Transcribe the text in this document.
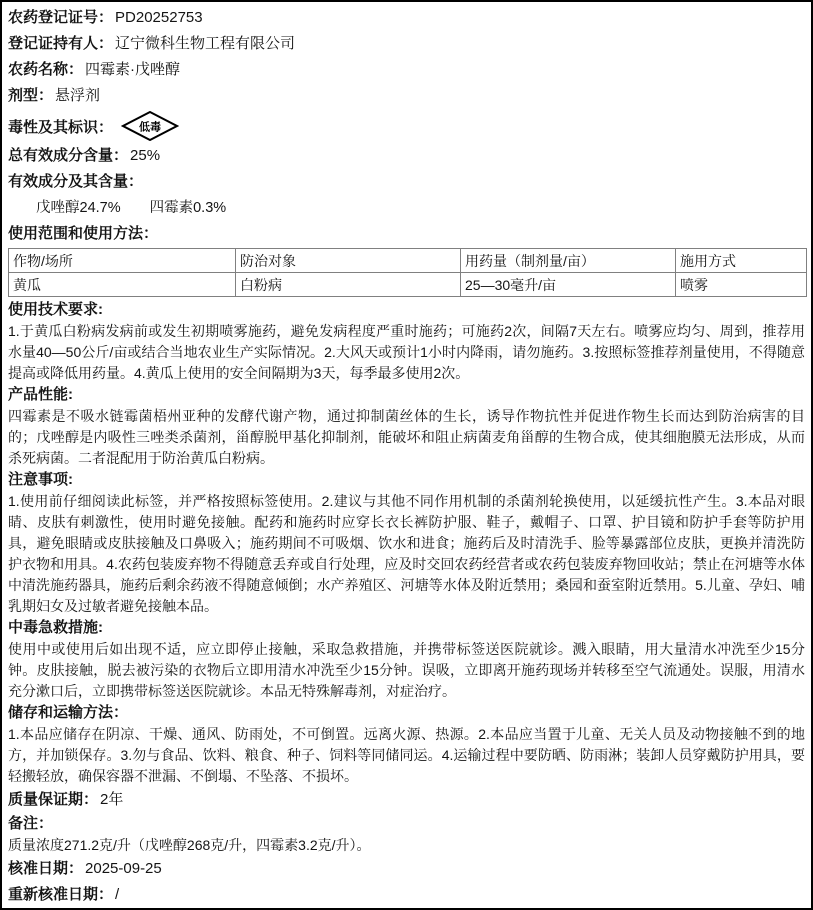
农药登记证号： PD20252753
登记证持有人： 辽宁微科生物工程有限公司
农药名称： 四霉素·戊唑醇
剂型： 悬浮剂
毒性及其标识： 低毒
总有效成分含量： 25%
有效成分及其含量：
戊唑醇24.7%　　四霉素0.3%
使用范围和使用方法：
作物/场所	防治对象	用药量（制剂量/亩）	施用方式
黄瓜	白粉病	25—30毫升/亩	喷雾
使用技术要求:
1.于黄瓜白粉病发病前或发生初期喷雾施药，避免发病程度严重时施药；可施药2次，间隔7天左右。喷雾应均匀、周到，推荐用水量40—50公斤/亩或结合当地农业生产实际情况。2.大风天或预计1小时内降雨，请勿施药。3.按照标签推荐剂量使用，不得随意提高或降低用药量。4.黄瓜上使用的安全间隔期为3天，每季最多使用2次。
产品性能:
四霉素是不吸水链霉菌梧州亚种的发酵代谢产物，通过抑制菌丝体的生长，诱导作物抗性并促进作物生长而达到防治病害的目的；戊唑醇是内吸性三唑类杀菌剂，甾醇脱甲基化抑制剂，能破坏和阻止病菌麦角甾醇的生物合成，使其细胞膜无法形成，从而杀死病菌。二者混配用于防治黄瓜白粉病。
注意事项:
1.使用前仔细阅读此标签，并严格按照标签使用。2.建议与其他不同作用机制的杀菌剂轮换使用，以延缓抗性产生。3.本品对眼睛、皮肤有刺激性，使用时避免接触。配药和施药时应穿长衣长裤防护服、鞋子，戴帽子、口罩、护目镜和防护手套等防护用具，避免眼睛或皮肤接触及口鼻吸入；施药期间不可吸烟、饮水和进食；施药后及时清洗手、脸等暴露部位皮肤，更换并清洗防护衣物和用具。4.农药包装废弃物不得随意丢弃或自行处理，应及时交回农药经营者或农药包装废弃物回收站；禁止在河塘等水体中清洗施药器具，施药后剩余药液不得随意倾倒；水产养殖区、河塘等水体及附近禁用；桑园和蚕室附近禁用。5.儿童、孕妇、哺乳期妇女及过敏者避免接触本品。
中毒急救措施:
使用中或使用后如出现不适，应立即停止接触，采取急救措施，并携带标签送医院就诊。溅入眼睛，用大量清水冲洗至少15分钟。皮肤接触，脱去被污染的衣物后立即用清水冲洗至少15分钟。误吸，立即离开施药现场并转移至空气流通处。误服，用清水充分漱口后，立即携带标签送医院就诊。本品无特殊解毒剂，对症治疗。
储存和运输方法：
1.本品应储存在阴凉、干燥、通风、防雨处，不可倒置。远离火源、热源。2.本品应当置于儿童、无关人员及动物接触不到的地方，并加锁保存。3.勿与食品、饮料、粮食、种子、饲料等同储同运。4.运输过程中要防晒、防雨淋；装卸人员穿戴防护用具，要轻搬轻放，确保容器不泄漏、不倒塌、不坠落、不损坏。
质量保证期： 2年
备注：
质量浓度271.2克/升（戊唑醇268克/升，四霉素3.2克/升）。
核准日期： 2025-09-25
重新核准日期： /
